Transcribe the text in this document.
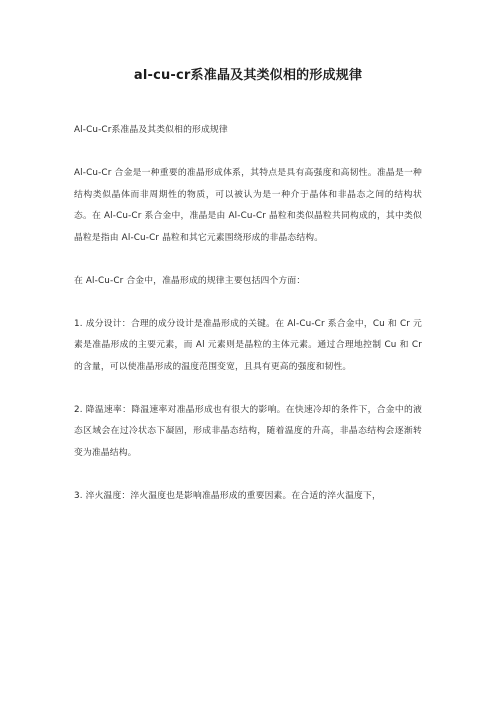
al-cu-cr系准晶及其类似相的形成规律

Al-Cu-Cr系准晶及其类似相的形成规律

Al-Cu-Cr 合金是一种重要的准晶形成体系，其特点是具有高强度和高韧性。准晶是一种结构类似晶体而非周期性的物质，可以被认为是一种介于晶体和非晶态之间的结构状态。在 Al-Cu-Cr 系合金中，准晶是由 Al-Cu-Cr 晶粒和类似晶粒共同构成的，其中类似晶粒是指由 Al-Cu-Cr 晶粒和其它元素围绕形成的非晶态结构。

在 Al-Cu-Cr 合金中，准晶形成的规律主要包括四个方面：

1. 成分设计：合理的成分设计是准晶形成的关键。在 Al-Cu-Cr 系合金中，Cu 和 Cr 元素是准晶形成的主要元素，而 Al 元素则是晶粒的主体元素。通过合理地控制 Cu 和 Cr 的含量，可以使准晶形成的温度范围变宽，且具有更高的强度和韧性。

2. 降温速率：降温速率对准晶形成也有很大的影响。在快速冷却的条件下，合金中的液态区域会在过冷状态下凝固，形成非晶态结构，随着温度的升高，非晶态结构会逐渐转变为准晶结构。

3. 淬火温度：淬火温度也是影响准晶形成的重要因素。在合适的淬火温度下，
